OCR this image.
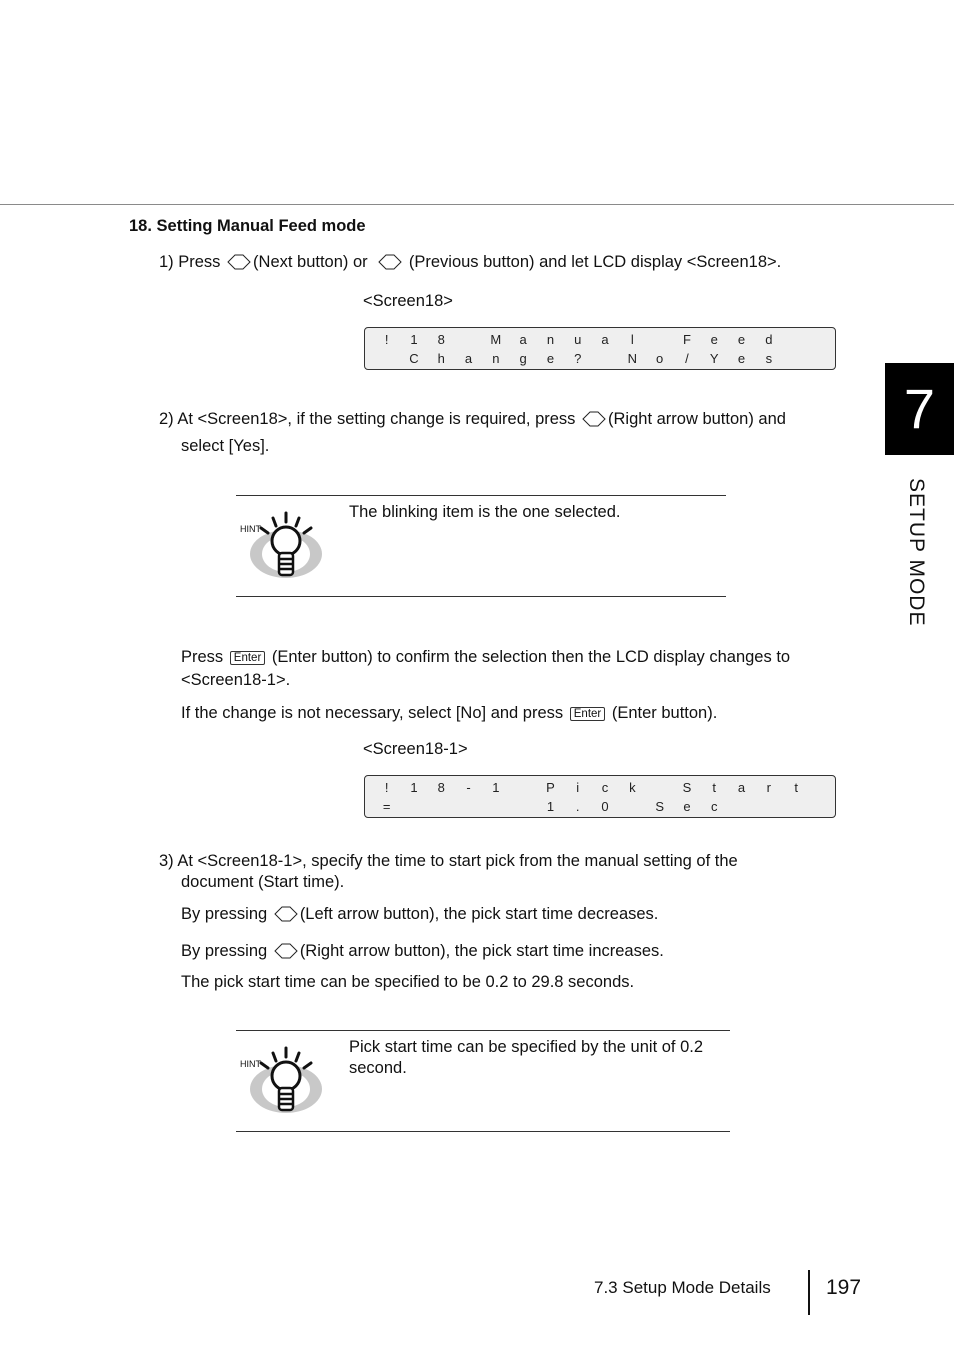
18. Setting Manual Feed mode
1) Press (Next button) or (Previous button) and let LCD display <Screen18>.
<Screen18>
!	1	8	M	a	n	u	a	l	F	e	e	d
C	h	a	n	g	e	?	N	o	/	Y	e	s
2) At <Screen18>, if the setting change is required, press (Right arrow button) and
select [Yes].
HINT
The blinking item is the one selected.
Press Enter (Enter button) to confirm the selection then the LCD display changes to
<Screen18-1>.
If the change is not necessary, select [No] and press Enter (Enter button).
<Screen18-1>
!	1	8	-	1	P	i	c	k	S	t	a	r	t
=	1	.	0	S	e	c
3) At <Screen18-1>, specify the time to start pick from the manual setting of the
document (Start time).
By pressing (Left arrow button), the pick start time decreases.
By pressing (Right arrow button), the pick start time increases.
The pick start time can be specified to be 0.2 to 29.8 seconds.
HINT
Pick start time can be specified by the unit of 0.2 second.
7
SETUP MODE
7.3 Setup Mode Details	197
